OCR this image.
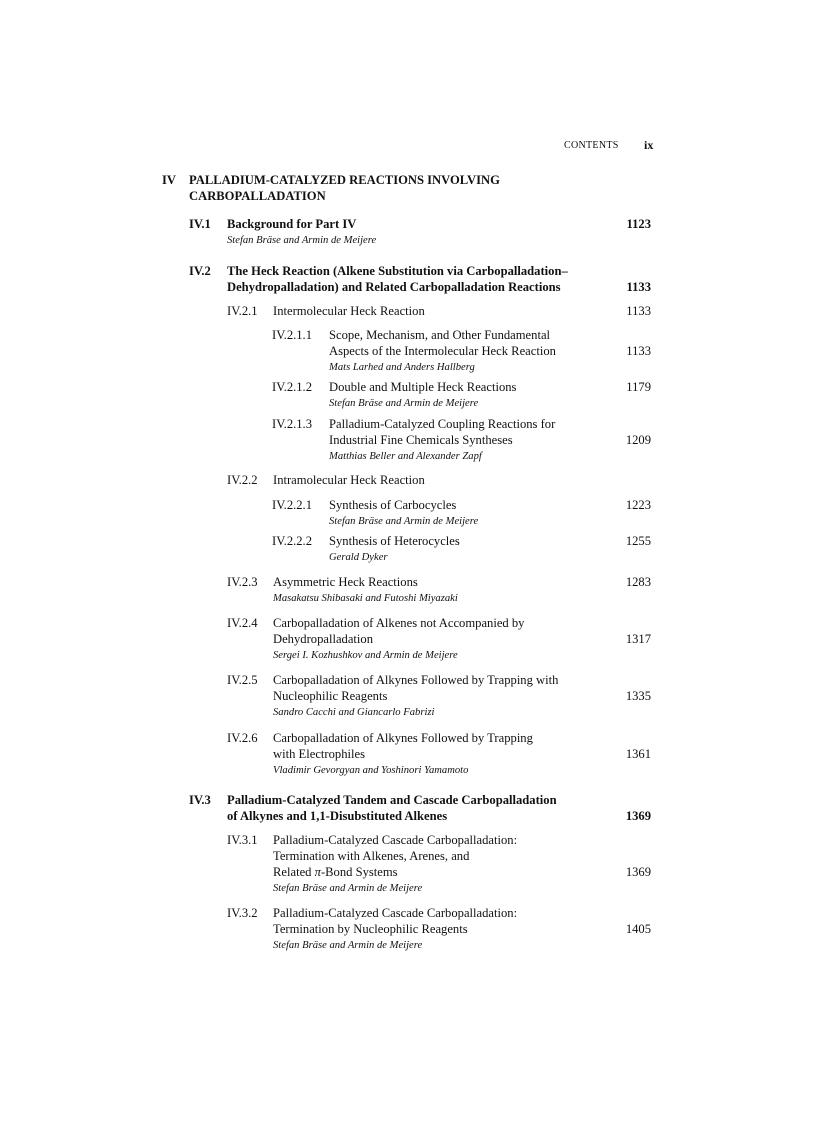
CONTENTS ix
IV PALLADIUM-CATALYZED REACTIONS INVOLVING
CARBOPALLADATION
IV.1 Background for Part IV	1123
Stefan Bräse and Armin de Meijere
IV.2 The Heck Reaction (Alkene Substitution via Carbopalladation–
Dehydropalladation) and Related Carbopalladation Reactions	1133
IV.2.1 Intermolecular Heck Reaction	1133
IV.2.1.1 Scope, Mechanism, and Other Fundamental
Aspects of the Intermolecular Heck Reaction	1133
Mats Larhed and Anders Hallberg
IV.2.1.2 Double and Multiple Heck Reactions	1179
Stefan Bräse and Armin de Meijere
IV.2.1.3 Palladium-Catalyzed Coupling Reactions for
Industrial Fine Chemicals Syntheses	1209
Matthias Beller and Alexander Zapf
IV.2.2 Intramolecular Heck Reaction
IV.2.2.1 Synthesis of Carbocycles	1223
Stefan Bräse and Armin de Meijere
IV.2.2.2 Synthesis of Heterocycles	1255
Gerald Dyker
IV.2.3 Asymmetric Heck Reactions	1283
Masakatsu Shibasaki and Futoshi Miyazaki
IV.2.4 Carbopalladation of Alkenes not Accompanied by
Dehydropalladation	1317
Sergei I. Kozhushkov and Armin de Meijere
IV.2.5 Carbopalladation of Alkynes Followed by Trapping with
Nucleophilic Reagents	1335
Sandro Cacchi and Giancarlo Fabrizi
IV.2.6 Carbopalladation of Alkynes Followed by Trapping
with Electrophiles	1361
Vladimir Gevorgyan and Yoshinori Yamamoto
IV.3 Palladium-Catalyzed Tandem and Cascade Carbopalladation
of Alkynes and 1,1-Disubstituted Alkenes	1369
IV.3.1 Palladium-Catalyzed Cascade Carbopalladation:
Termination with Alkenes, Arenes, and
Related π-Bond Systems	1369
Stefan Bräse and Armin de Meijere
IV.3.2 Palladium-Catalyzed Cascade Carbopalladation:
Termination by Nucleophilic Reagents	1405
Stefan Bräse and Armin de Meijere
